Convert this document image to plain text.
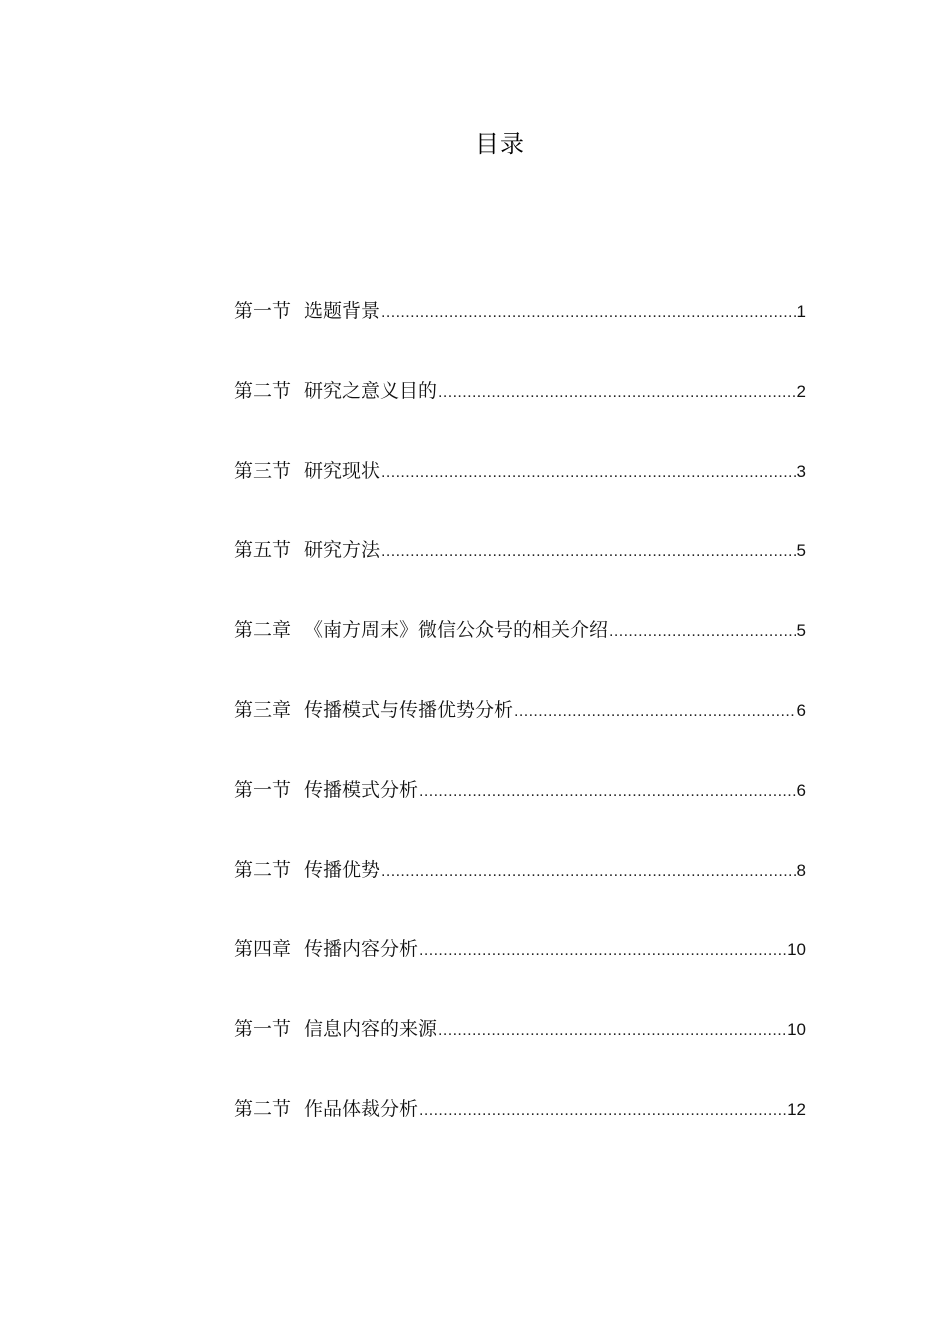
目录
第一节 选题背景 .....	1
第二节 研究之意义目的 .....	2
第三节 研究现状 .....	3
第五节 研究方法 .....	5
第二章 《南方周末》微信公众号的相关介绍 .....	5
第三章 传播模式与传播优势分析 .....	6
第一节 传播模式分析 .....	6
第二节 传播优势 .....	8
第四章 传播内容分析 .....	10
第一节 信息内容的来源 .....	10
第二节 作品体裁分析 .....	12
